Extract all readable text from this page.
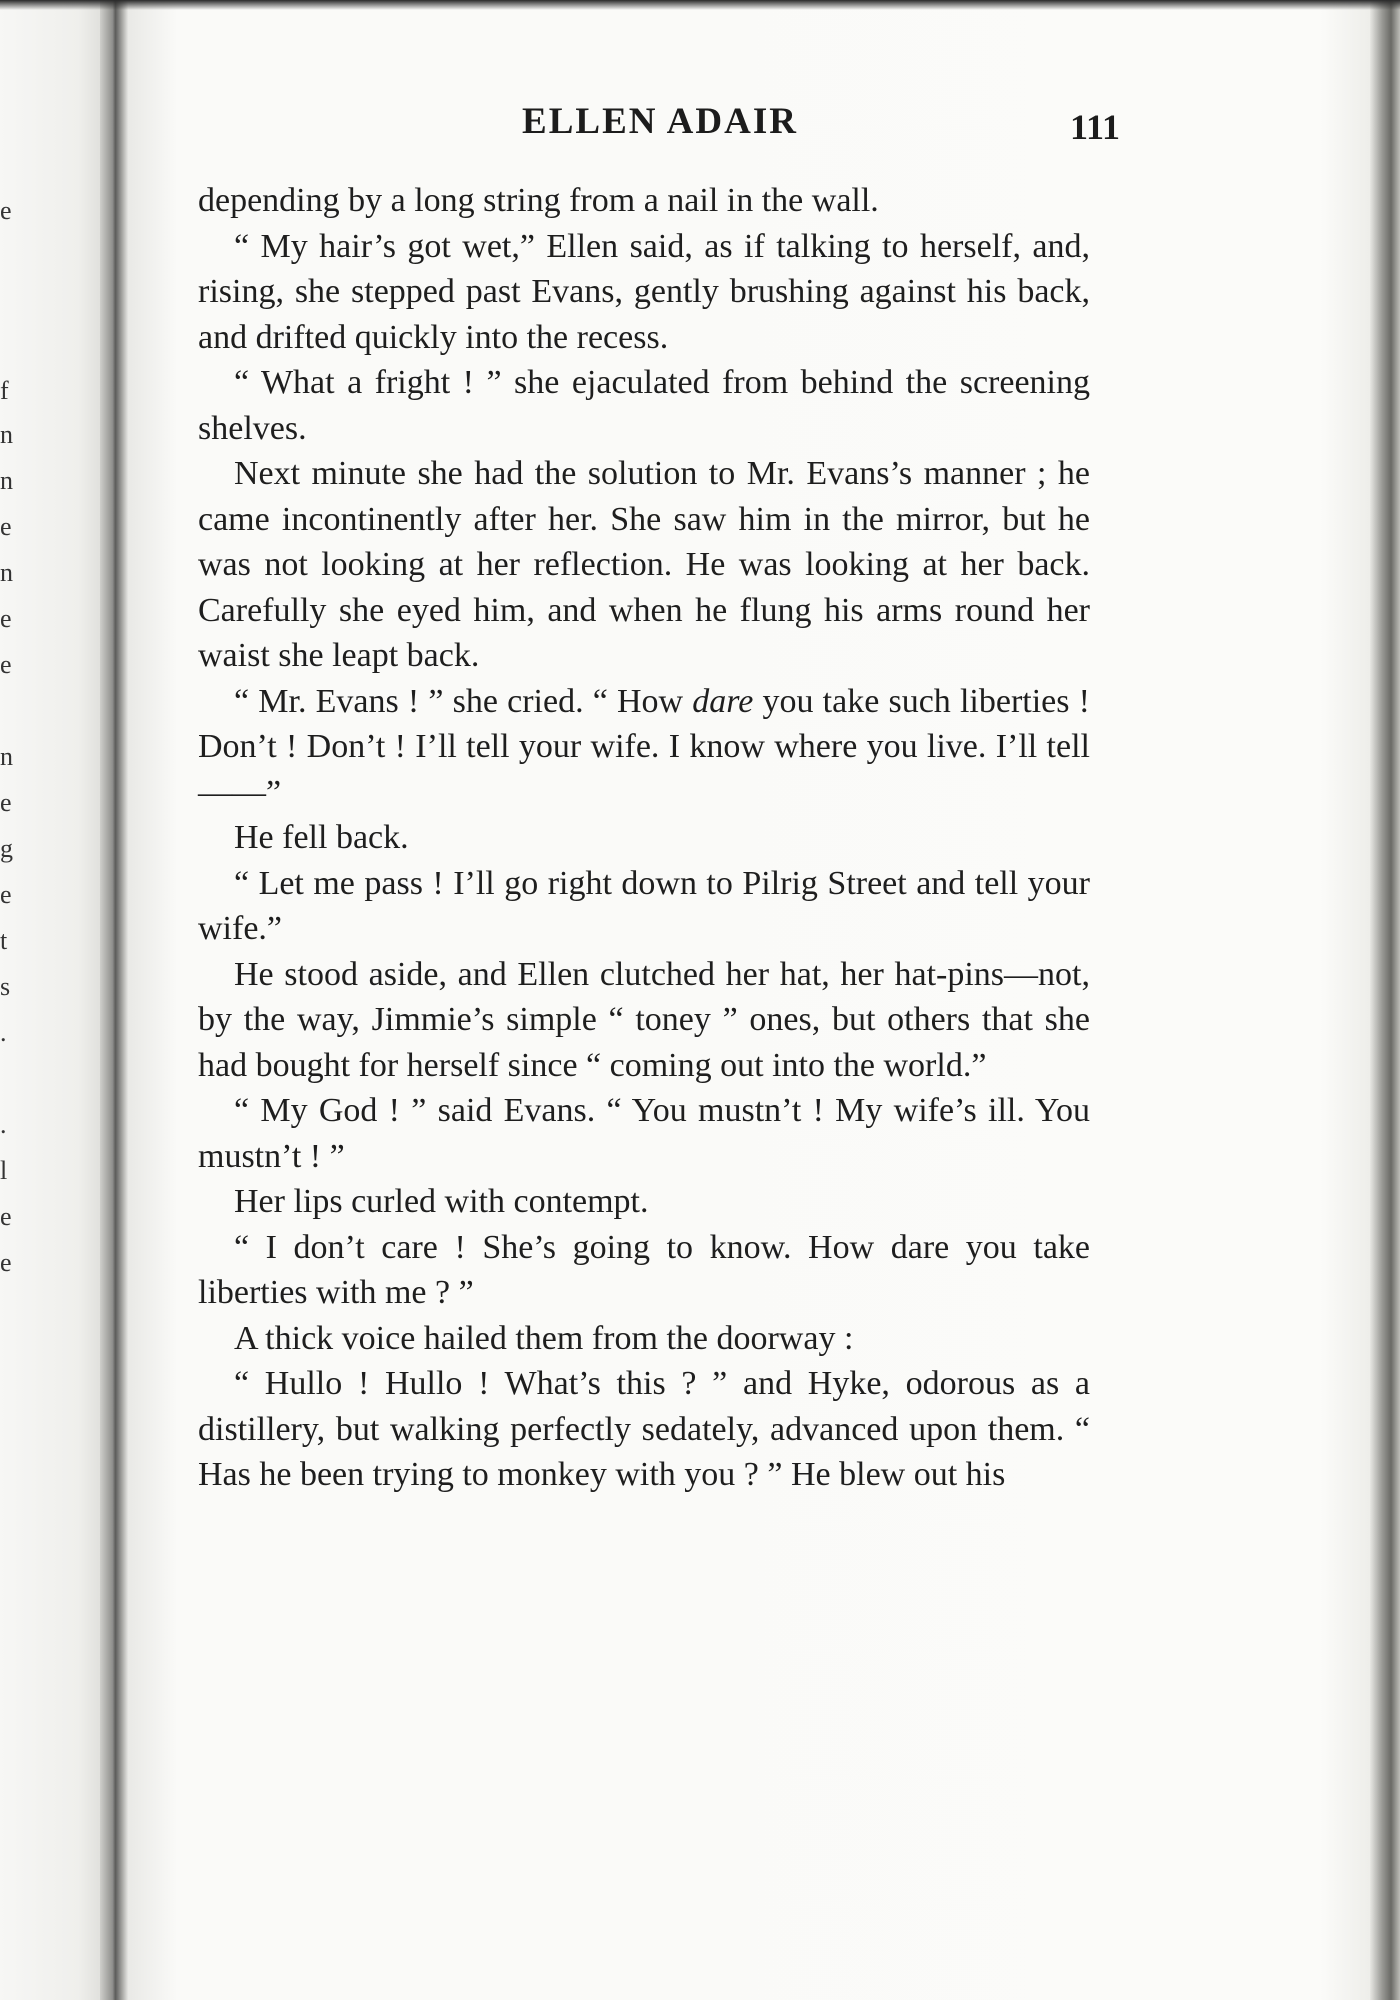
e
f
n
n
e
n
e
e
n
e
g
e
t
s
.
.
l
e
e
ELLEN ADAIR	111

depending by a long string from a nail in the wall.

“ My hair’s got wet,” Ellen said, as if talking to herself, and, rising, she stepped past Evans, gently brushing against his back, and drifted quickly into the recess.

“ What a fright ! ” she ejaculated from behind the screening shelves.

Next minute she had the solution to Mr. Evans’s manner ; he came incontinently after her. She saw him in the mirror, but he was not looking at her reflection. He was looking at her back. Carefully she eyed him, and when he flung his arms round her waist she leapt back.

“ Mr. Evans ! ” she cried. “ How dare you take such liberties ! Don’t ! Don’t ! I’ll tell your wife. I know where you live. I’ll tell——”

He fell back.

“ Let me pass ! I’ll go right down to Pilrig Street and tell your wife.”

He stood aside, and Ellen clutched her hat, her hat-pins—not, by the way, Jimmie’s simple “ toney ” ones, but others that she had bought for herself since “ coming out into the world.”

“ My God ! ” said Evans. “ You mustn’t ! My wife’s ill. You mustn’t ! ”

Her lips curled with contempt.

“ I don’t care ! She’s going to know. How dare you take liberties with me ? ”

A thick voice hailed them from the doorway :

“ Hullo ! Hullo ! What’s this ? ” and Hyke, odorous as a distillery, but walking perfectly sedately, advanced upon them. “ Has he been trying to monkey with you ? ” He blew out his
